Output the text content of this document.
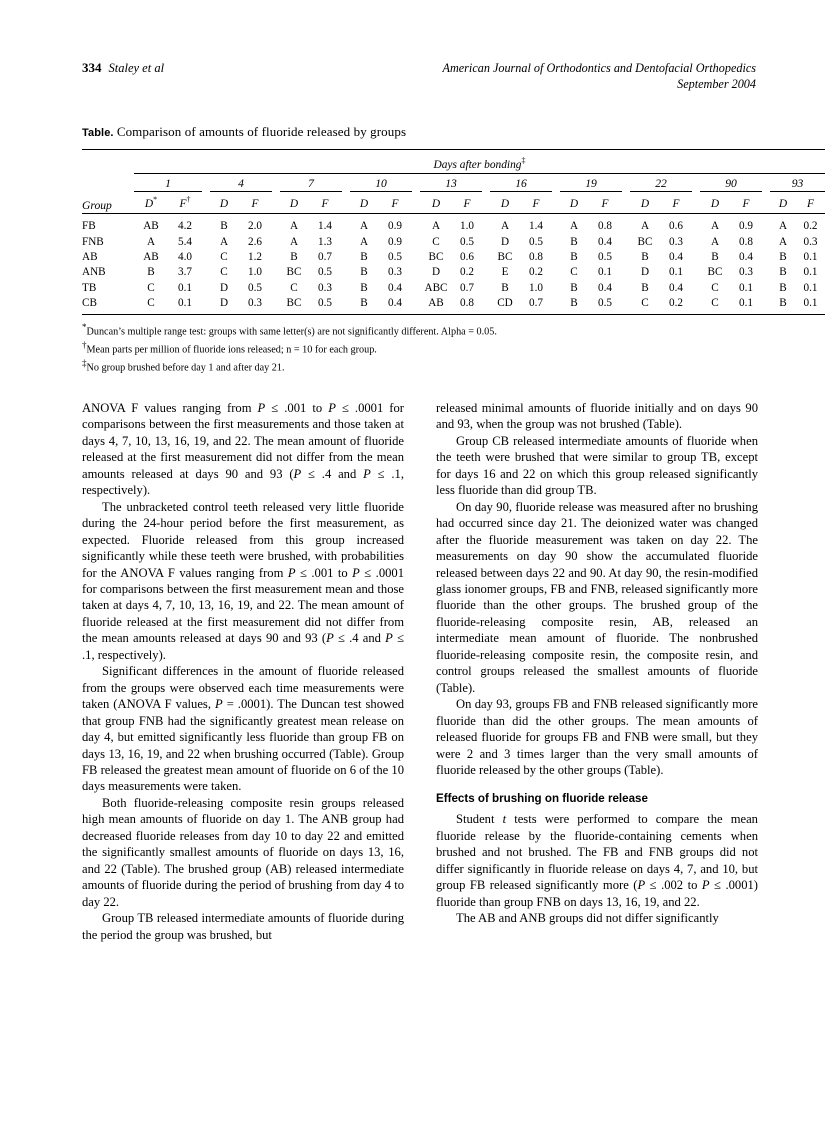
334 Staley et al	American Journal of Orthodontics and Dentofacial Orthopedics
September 2004
Table. Comparison of amounts of fluoride released by groups

		Days after bonding‡
Group		1			4			7			10			13			16			19			22			90			93	
		D*	F†		D	F		D	F		D	F		D	F		D	F		D	F		D	F		D	F		D	F

FB		AB	4.2		B	2.0		A	1.4		A	0.9		A	1.0		A	1.4		A	0.8		A	0.6		A	0.9		A	0.2
FNB		A	5.4		A	2.6		A	1.3		A	0.9		C	0.5		D	0.5		B	0.4		BC	0.3		A	0.8		A	0.3
AB		AB	4.0		C	1.2		B	0.7		B	0.5		BC	0.6		BC	0.8		B	0.5		B	0.4		B	0.4		B	0.1
ANB		B	3.7		C	1.0		BC	0.5		B	0.3		D	0.2		E	0.2		C	0.1		D	0.1		BC	0.3		B	0.1
TB		C	0.1		D	0.5		C	0.3		B	0.4		ABC	0.7		B	1.0		B	0.4		B	0.4		C	0.1		B	0.1
CB		C	0.1		D	0.3		BC	0.5		B	0.4		AB	0.8		CD	0.7		B	0.5		C	0.2		C	0.1		B	0.1

*Duncan’s multiple range test: groups with same letter(s) are not significantly different. Alpha = 0.05.
†Mean parts per million of fluoride ions released; n = 10 for each group.
‡No group brushed before day 1 and after day 21.

ANOVA F values ranging from P ≤ .001 to P ≤ .0001 for comparisons between the first measurements and those taken at days 4, 7, 10, 13, 16, 19, and 22. The mean amount of fluoride released at the first measurement did not differ from the mean amounts released at days 90 and 93 (P ≤ .4 and P ≤ .1, respectively).

The unbracketed control teeth released very little fluoride during the 24-hour period before the first measurement, as expected. Fluoride released from this group increased significantly while these teeth were brushed, with probabilities for the ANOVA F values ranging from P ≤ .001 to P ≤ .0001 for comparisons between the first measurement mean and those taken at days 4, 7, 10, 13, 16, 19, and 22. The mean amount of fluoride released at the first measurement did not differ from the mean amounts released at days 90 and 93 (P ≤ .4 and P ≤ .1, respectively).

Significant differences in the amount of fluoride released from the groups were observed each time measurements were taken (ANOVA F values, P = .0001). The Duncan test showed that group FNB had the significantly greatest mean release on day 4, but emitted significantly less fluoride than group FB on days 13, 16, 19, and 22 when brushing occurred (Table). Group FB released the greatest mean amount of fluoride on 6 of the 10 days measurements were taken.

Both fluoride-releasing composite resin groups released high mean amounts of fluoride on day 1. The ANB group had decreased fluoride releases from day 10 to day 22 and emitted the significantly smallest amounts of fluoride on days 13, 16, and 22 (Table). The brushed group (AB) released intermediate amounts of fluoride during the period of brushing from day 4 to day 22.

Group TB released intermediate amounts of fluoride during the period the group was brushed, but

released minimal amounts of fluoride initially and on days 90 and 93, when the group was not brushed (Table).

Group CB released intermediate amounts of fluoride when the teeth were brushed that were similar to group TB, except for days 16 and 22 on which this group released significantly less fluoride than did group TB.

On day 90, fluoride release was measured after no brushing had occurred since day 21. The deionized water was changed after the fluoride measurement was taken on day 22. The measurements on day 90 show the accumulated fluoride released between days 22 and 90. At day 90, the resin-modified glass ionomer groups, FB and FNB, released significantly more fluoride than the other groups. The brushed group of the fluoride-releasing composite resin, AB, released an intermediate mean amount of fluoride. The nonbrushed fluoride-releasing composite resin, the composite resin, and control groups released the smallest amounts of fluoride (Table).

On day 93, groups FB and FNB released significantly more fluoride than did the other groups. The mean amounts of released fluoride for groups FB and FNB were small, but they were 2 and 3 times larger than the very small amounts of fluoride released by the other groups (Table).

Effects of brushing on fluoride release

Student t tests were performed to compare the mean fluoride release by the fluoride-containing cements when brushed and not brushed. The FB and FNB groups did not differ significantly in fluoride release on days 4, 7, and 10, but group FB released significantly more (P ≤ .002 to P ≤ .0001) fluoride than group FNB on days 13, 16, 19, and 22.

The AB and ANB groups did not differ significantly
